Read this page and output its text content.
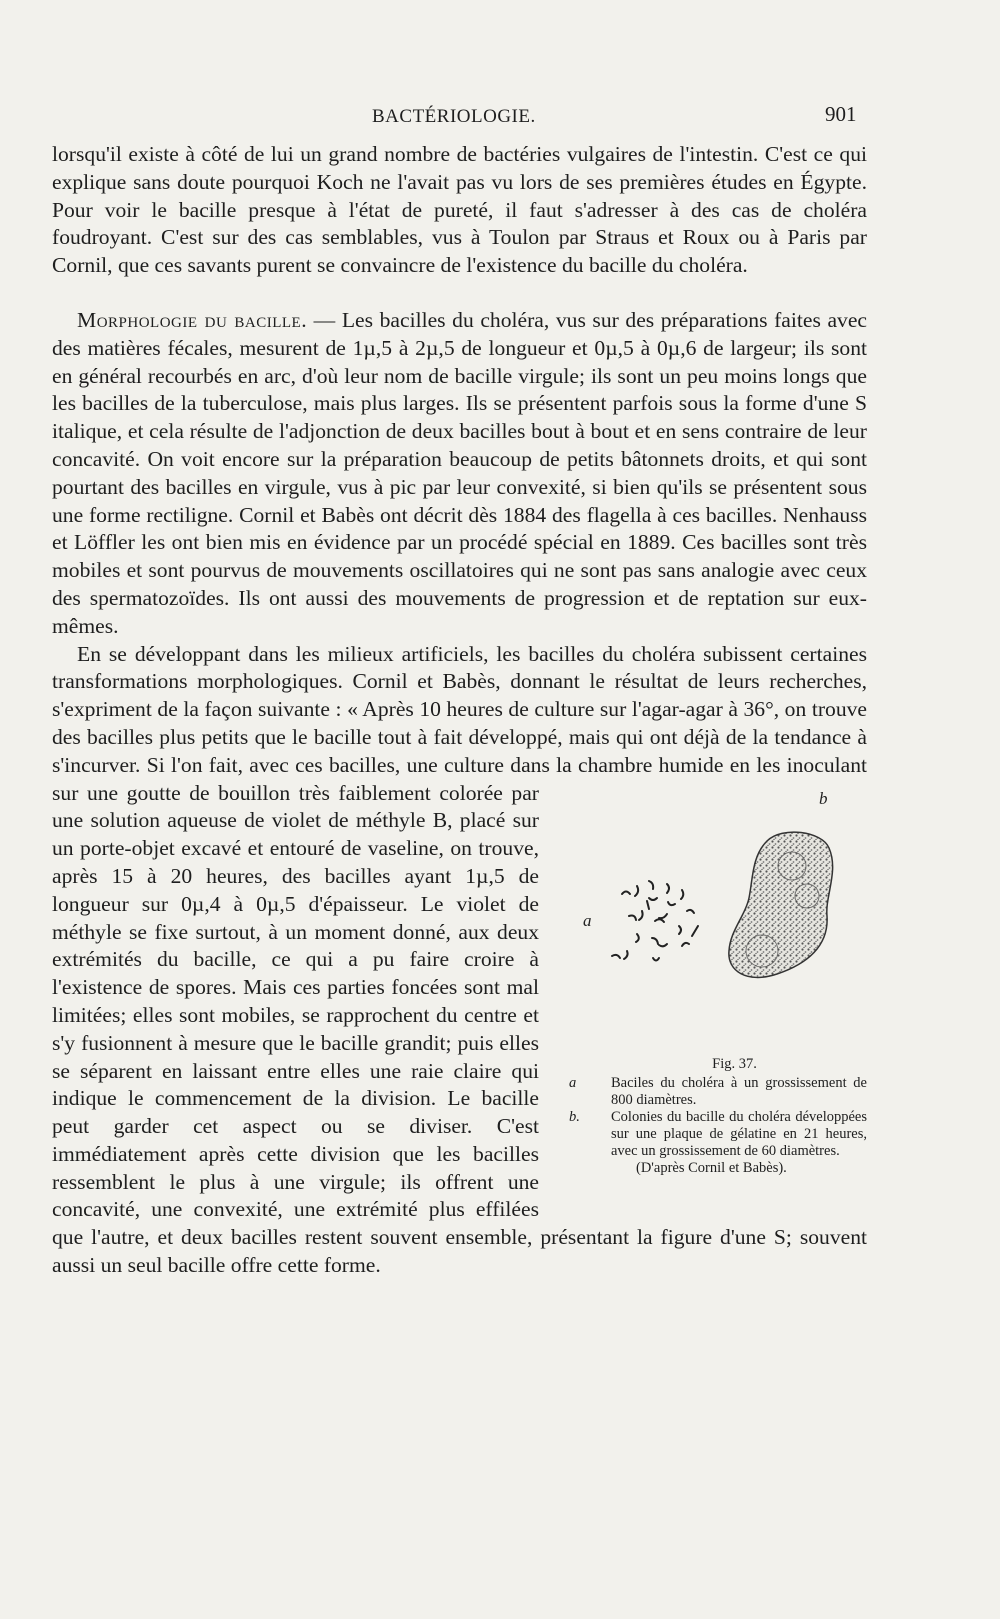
BACTÉRIOLOGIE.	901

lorsqu'il existe à côté de lui un grand nombre de bactéries vulgaires de l'intestin. C'est ce qui explique sans doute pourquoi Koch ne l'avait pas vu lors de ses premières études en Égypte. Pour voir le bacille presque à l'état de pureté, il faut s'adresser à des cas de choléra foudroyant. C'est sur des cas semblables, vus à Toulon par Straus et Roux ou à Paris par Cornil, que ces savants purent se convaincre de l'existence du bacille du choléra.

Morphologie du bacille. — Les bacilles du choléra, vus sur des préparations faites avec des matières fécales, mesurent de 1µ,5 à 2µ,5 de longueur et 0µ,5 à 0µ,6 de largeur; ils sont en général recourbés en arc, d'où leur nom de bacille virgule; ils sont un peu moins longs que les bacilles de la tuberculose, mais plus larges. Ils se présentent parfois sous la forme d'une S italique, et cela résulte de l'adjonction de deux bacilles bout à bout et en sens contraire de leur concavité. On voit encore sur la préparation beaucoup de petits bâtonnets droits, et qui sont pourtant des bacilles en virgule, vus à pic par leur convexité, si bien qu'ils se présentent sous une forme rectiligne. Cornil et Babès ont décrit dès 1884 des flagella à ces bacilles. Nenhauss et Löffler les ont bien mis en évidence par un procédé spécial en 1889. Ces bacilles sont très mobiles et sont pourvus de mouvements oscillatoires qui ne sont pas sans analogie avec ceux des spermatozoïdes. Ils ont aussi des mouvements de progression et de reptation sur eux-mêmes.

En se développant dans les milieux artificiels, les bacilles du choléra subissent certaines transformations morphologiques. Cornil et Babès, donnant le résultat de leurs recherches, s'expriment de la façon suivante : « Après 10 heures de culture sur l'agar-agar à 36°, on trouve des bacilles plus petits que le bacille tout à fait développé, mais qui ont déjà de la tendance à s'incurver. Si l'on fait, avec ces bacilles, une culture dans la chambre humide en les inoculant
a
b
Fig. 37.
a Baciles du choléra à un grossissement de 800 diamètres.
b. Colonies du bacille du choléra développées sur une plaque de gélatine en 21 heures, avec un grossissement de 60 diamètres.
(D'après Cornil et Babès).
sur une goutte de bouillon très faiblement colorée par une solution aqueuse de violet de méthyle B, placé sur un porte-objet excavé et entouré de vaseline, on trouve, après 15 à 20 heures, des bacilles ayant 1µ,5 de longueur sur 0µ,4 à 0µ,5 d'épaisseur. Le violet de méthyle se fixe surtout, à un moment donné, aux deux extrémités du bacille, ce qui a pu faire croire à l'existence de spores. Mais ces parties foncées sont mal limitées; elles sont mobiles, se rapprochent du centre et s'y fusionnent à mesure que le bacille grandit; puis elles se séparent en laissant entre elles une raie claire qui indique le commencement de la division. Le bacille peut garder cet aspect ou se diviser. C'est immédiatement après cette division que les bacilles ressemblent le plus à une virgule; ils offrent une concavité, une convexité, une extrémité plus effilées que l'autre, et deux bacilles restent souvent ensemble, présentant la figure d'une S; souvent aussi un seul bacille offre cette forme.
